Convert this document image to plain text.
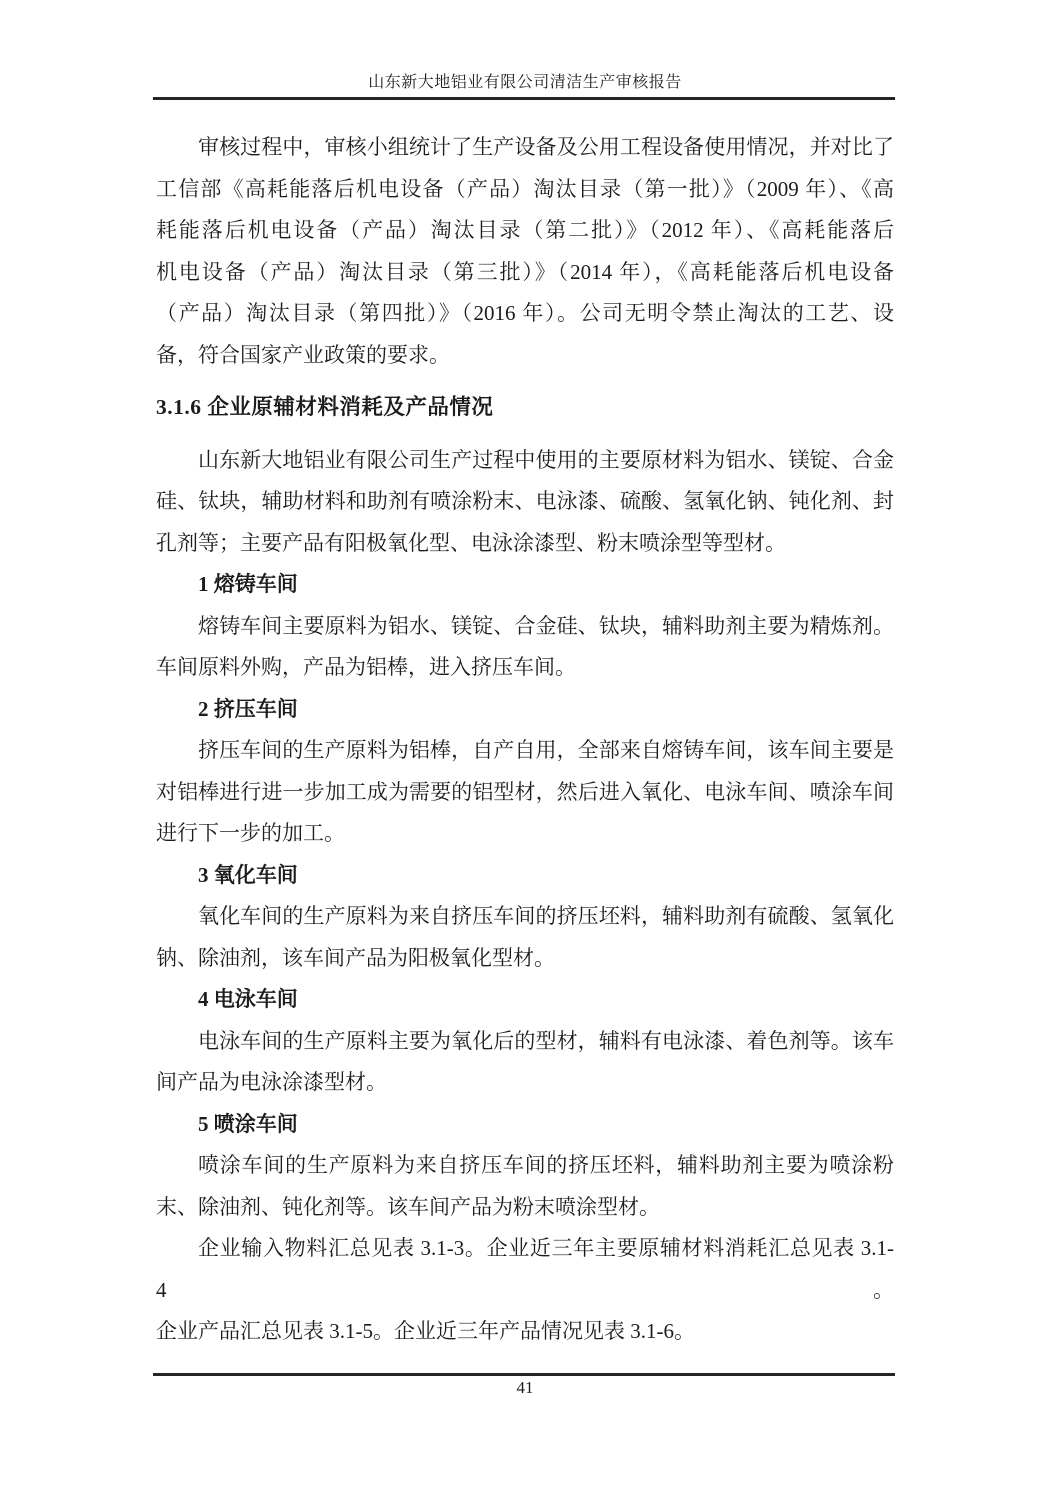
山东新大地铝业有限公司清洁生产审核报告
审核过程中，审核小组统计了生产设备及公用工程设备使用情况，并对比了
工信部《高耗能落后机电设备（产品）淘汰目录（第一批）》（2009 年）、《高
耗能落后机电设备（产品）淘汰目录（第二批）》（2012 年）、《高耗能落后
机电设备（产品）淘汰目录（第三批）》（2014 年），《高耗能落后机电设备
（产品）淘汰目录（第四批）》（2016 年）。公司无明令禁止淘汰的工艺、设
备，符合国家产业政策的要求。
3.1.6 企业原辅材料消耗及产品情况
山东新大地铝业有限公司生产过程中使用的主要原材料为铝水、镁锭、合金
硅、钛块，辅助材料和助剂有喷涂粉末、电泳漆、硫酸、氢氧化钠、钝化剂、封
孔剂等；主要产品有阳极氧化型、电泳涂漆型、粉末喷涂型等型材。
1 熔铸车间
熔铸车间主要原料为铝水、镁锭、合金硅、钛块，辅料助剂主要为精炼剂。
车间原料外购，产品为铝棒，进入挤压车间。
2 挤压车间
挤压车间的生产原料为铝棒，自产自用，全部来自熔铸车间，该车间主要是
对铝棒进行进一步加工成为需要的铝型材，然后进入氧化、电泳车间、喷涂车间
进行下一步的加工。
3 氧化车间
氧化车间的生产原料为来自挤压车间的挤压坯料，辅料助剂有硫酸、氢氧化
钠、除油剂，该车间产品为阳极氧化型材。
4 电泳车间
电泳车间的生产原料主要为氧化后的型材，辅料有电泳漆、着色剂等。该车
间产品为电泳涂漆型材。
5 喷涂车间
喷涂车间的生产原料为来自挤压车间的挤压坯料，辅料助剂主要为喷涂粉
末、除油剂、钝化剂等。该车间产品为粉末喷涂型材。
企业输入物料汇总见表 3.1-3。企业近三年主要原辅材料消耗汇总见表 3.1-4。
企业产品汇总见表 3.1-5。企业近三年产品情况见表 3.1-6。
41
